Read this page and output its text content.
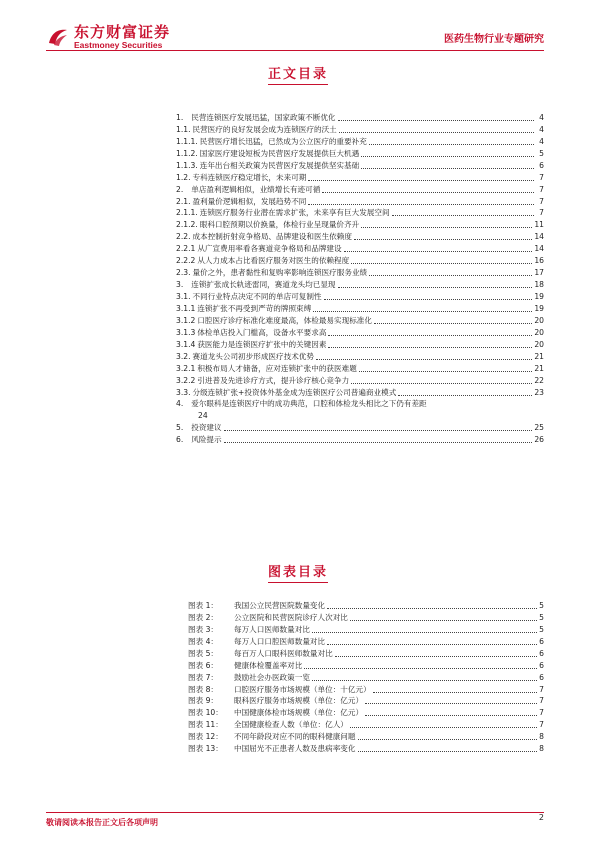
东方财富证券
Eastmoney Securities	医药生物行业专题研究
正文目录
1. 民营连锁医疗发展迅猛，国家政策不断优化	4
1.1. 民营医疗的良好发展会成为连锁医疗的沃土	4
1.1.1. 民营医疗增长迅猛，已然成为公立医疗的重要补充	4
1.1.2. 国家医疗建设短板为民营医疗发展提供巨大机遇	5
1.1.3. 连年出台相关政策为民营医疗发展提供坚实基础	6
1.2. 专科连锁医疗稳定增长，未来可期	7
2. 单店盈利逻辑相似，业绩增长有迹可循	7
2.1. 盈利量价逻辑相似，发展趋势不同	7
2.1.1. 连锁医疗服务行业潜在需求扩张，未来享有巨大发展空间	7
2.1.2. 眼科口腔预期以价换量，体检行业呈现量价齐升	11
2.2. 成本控制折射竞争格局、品牌建设和医生依赖度	14
2.2.1 从广宣费用率看各赛道竞争格局和品牌建设	14
2.2.2 从人力成本占比看医疗服务对医生的依赖程度	16
2.3. 量价之外，患者黏性和复购率影响连锁医疗服务业绩	17
3. 连锁扩张成长轨迹雷同，赛道龙头均已显现	18
3.1. 不同行业特点决定不同的单店可复制性	19
3.1.1 连锁扩张不再受到严苛的牌照束缚	19
3.1.2 口腔医疗诊疗标准化难度最高，体检最易实现标准化	20
3.1.3 体检单店投入门槛高，设备水平要求高	20
3.1.4 获医能力是连锁医疗扩张中的关键因素	20
3.2. 赛道龙头公司初步形成医疗技术优势	21
3.2.1 积极布局人才储备，应对连锁扩张中的获医难题	21
3.2.2 引进普及先进诊疗方式，提升诊疗核心竞争力	22
3.3. 分级连锁扩张+投资体外基金成为连锁医疗公司普遍商业模式	23
4. 爱尔眼科是连锁医疗中的成功典范，口腔和体检龙头相比之下仍有差距
24
5. 投资建议	25
6. 风险提示	26
图表目录
图表 1：	我国公立民营医院数量变化	5
图表 2：	公立医院和民营医院诊疗人次对比	5
图表 3：	每万人口医师数量对比	5
图表 4：	每万人口口腔医师数量对比	6
图表 5：	每百万人口眼科医师数量对比	6
图表 6：	健康体检覆盖率对比	6
图表 7：	鼓励社会办医政策一览	6
图表 8：	口腔医疗服务市场规模（单位：十亿元）	7
图表 9：	眼科医疗服务市场规模（单位：亿元）	7
图表 10：	中国健康体检市场规模（单位：亿元）	7
图表 11：	全国健康检查人数（单位：亿人）	7
图表 12：	不同年龄段对应不同的眼科健康问题	8
图表 13：	中国屈光不正患者人数及患病率变化	8
敬请阅读本报告正文后各项声明
2
